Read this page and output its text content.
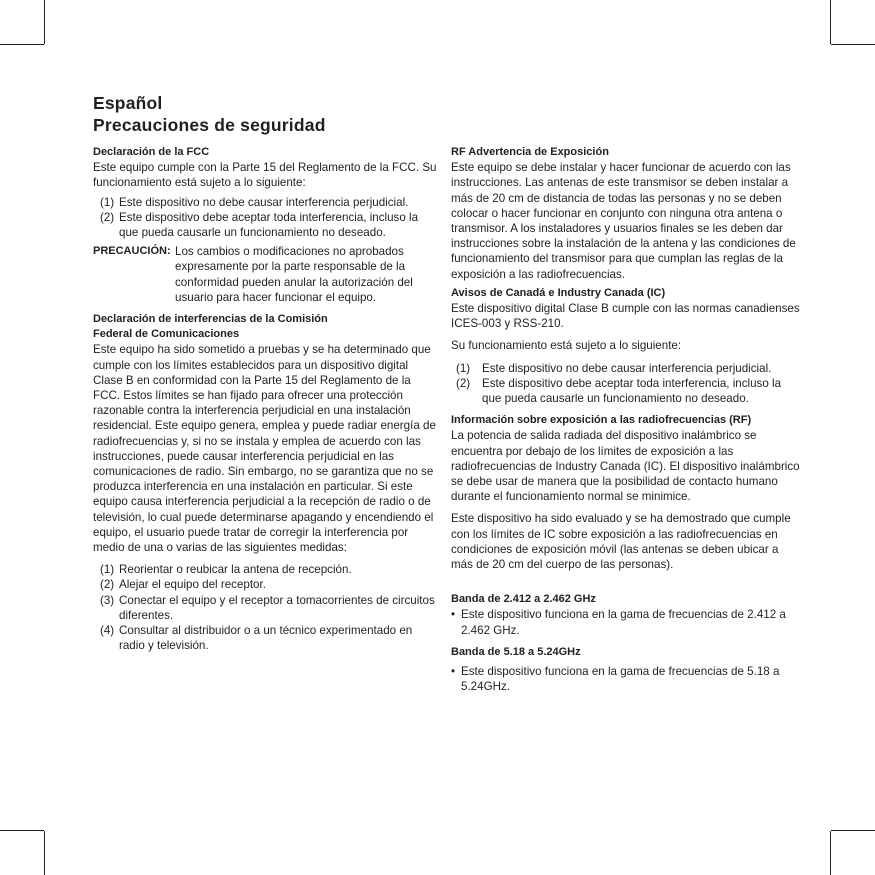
Español
Precauciones de seguridad

Declaración de la FCC

Este equipo cumple con la Parte 15 del Reglamento de la FCC. Su funcionamiento está sujeto a lo siguiente:

(1) Este dispositivo no debe causar interferencia perjudicial.
(2) Este dispositivo debe aceptar toda interferencia, incluso la que pueda causarle un funcionamiento no deseado.
PRECAUCIÓN: Los cambios o modificaciones no aprobados expresamente por la parte responsable de la conformidad pueden anular la autorización del usuario para hacer funcionar el equipo.

Declaración de interferencias de la Comisión
Federal de Comunicaciones

Este equipo ha sido sometido a pruebas y se ha determinado que cumple con los límites establecidos para un dispositivo digital Clase B en conformidad con la Parte 15 del Reglamento de la FCC. Estos límites se han fijado para ofrecer una protección razonable contra la interferencia perjudicial en una instalación residencial. Este equipo genera, emplea y puede radiar energía de radiofrecuencias y, si no se instala y emplea de acuerdo con las instrucciones, puede causar interferencia perjudicial en las comunicaciones de radio. Sin embargo, no se garantiza que no se produzca interferencia en una instalación en particular. Si este equipo causa interferencia perjudicial a la recepción de radio o de televisión, lo cual puede determinarse apagando y encendiendo el equipo, el usuario puede tratar de corregir la interferencia por medio de una o varias de las siguientes medidas:

(1) Reorientar o reubicar la antena de recepción.
(2) Alejar el equipo del receptor.
(3) Conectar el equipo y el receptor a tomacorrientes de circuitos diferentes.
(4) Consultar al distribuidor o a un técnico experimentado en radio y televisión.

RF Advertencia de Exposición

Este equipo se debe instalar y hacer funcionar de acuerdo con las instrucciones. Las antenas de este transmisor se deben instalar a más de 20 cm de distancia de todas las personas y no se deben colocar o hacer funcionar en conjunto con ninguna otra antena o transmisor. A los instaladores y usuarios finales se les deben dar instrucciones sobre la instalación de la antena y las condiciones de funcionamiento del transmisor para que cumplan las reglas de la exposición a las radiofrecuencias.

Avisos de Canadá e Industry Canada (IC)

Este dispositivo digital Clase B cumple con las normas canadienses ICES-003 y RSS-210.

Su funcionamiento está sujeto a lo siguiente:

(1) Este dispositivo no debe causar interferencia perjudicial.
(2) Este dispositivo debe aceptar toda interferencia, incluso la que pueda causarle un funcionamiento no deseado.

Información sobre exposición a las radiofrecuencias (RF)

La potencia de salida radiada del dispositivo inalámbrico se encuentra por debajo de los límites de exposición a las radiofrecuencias de Industry Canada (IC). El dispositivo inalámbrico se debe usar de manera que la posibilidad de contacto humano durante el funcionamiento normal se minimice.

Este dispositivo ha sido evaluado y se ha demostrado que cumple con los límites de IC sobre exposición a las radiofrecuencias en condiciones de exposición móvil (las antenas se deben ubicar a más de 20 cm del cuerpo de las personas).

Banda de 2.412 a 2.462 GHz

• Este dispositivo funciona en la gama de frecuencias de 2.412 a 2.462 GHz.

Banda de 5.18 a 5.24GHz

• Este dispositivo funciona en la gama de frecuencias de 5.18 a 5.24GHz.
